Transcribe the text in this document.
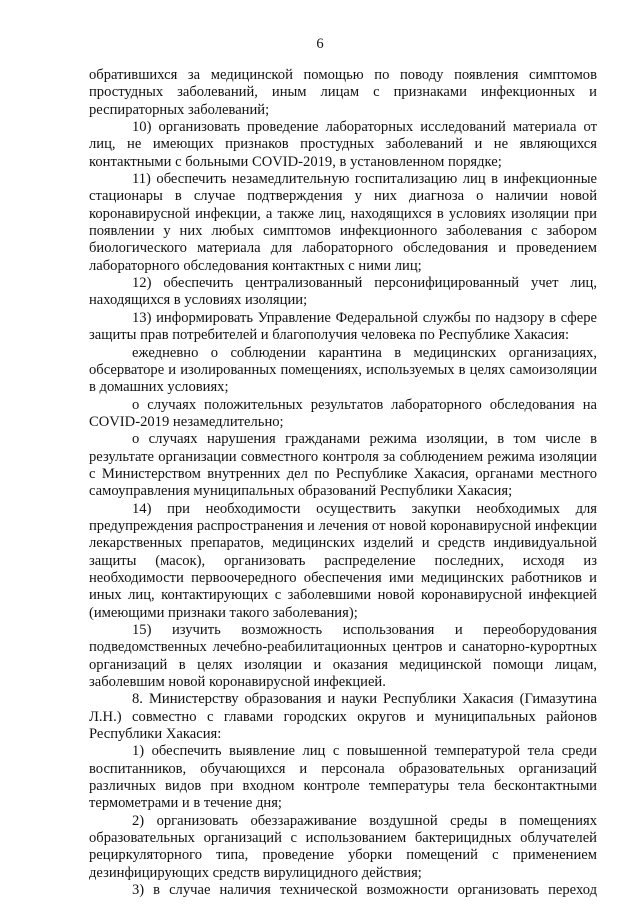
6

обратившихся за медицинской помощью по поводу появления симптомов простудных заболеваний, иным лицам с признаками инфекционных и респираторных заболеваний;

10) организовать проведение лабораторных исследований материала от лиц, не имеющих признаков простудных заболеваний и не являющихся контактными с больными COVID-2019, в установленном порядке;

11) обеспечить незамедлительную госпитализацию лиц в инфекционные стационары в случае подтверждения у них диагноза о наличии новой коронавирусной инфекции, а также лиц, находящихся в условиях изоляции при появлении у них любых симптомов инфекционного заболевания с забором биологического материала для лабораторного обследования и проведением лабораторного обследования контактных с ними лиц;

12) обеспечить централизованный персонифицированный учет лиц, находящихся в условиях изоляции;

13) информировать Управление Федеральной службы по надзору в сфере защиты прав потребителей и благополучия человека по Республике Хакасия:

ежедневно о соблюдении карантина в медицинских организациях, обсерваторе и изолированных помещениях, используемых в целях самоизоляции в домашних условиях;

о случаях положительных результатов лабораторного обследования на COVID-2019 незамедлительно;

о случаях нарушения гражданами режима изоляции, в том числе в результате организации совместного контроля за соблюдением режима изоляции с Министерством внутренних дел по Республике Хакасия, органами местного самоуправления муниципальных образований Республики Хакасия;

14) при необходимости осуществить закупки необходимых для предупреждения распространения и лечения от новой коронавирусной инфекции лекарственных препаратов, медицинских изделий и средств индивидуальной защиты (масок), организовать распределение последних, исходя из необходимости первоочередного обеспечения ими медицинских работников и иных лиц, контактирующих с заболевшими новой коронавирусной инфекцией (имеющими признаки такого заболевания);

15) изучить возможность использования и переоборудования подведомственных лечебно-реабилитационных центров и санаторно-курортных организаций в целях изоляции и оказания медицинской помощи лицам, заболевшим новой коронавирусной инфекцией.

8. Министерству образования и науки Республики Хакасия (Гимазутина Л.Н.) совместно с главами городских округов и муниципальных районов Республики Хакасия:

1) обеспечить выявление лиц с повышенной температурой тела среди воспитанников, обучающихся и персонала образовательных организаций различных видов при входном контроле температуры тела бесконтактными термометрами и в течение дня;

2) организовать обеззараживание воздушной среды в помещениях образовательных организаций с использованием бактерицидных облучателей рециркуляторного типа, проведение уборки помещений с применением дезинфицирующих средств вирулицидного действия;

3) в случае наличия технической возможности организовать переход
